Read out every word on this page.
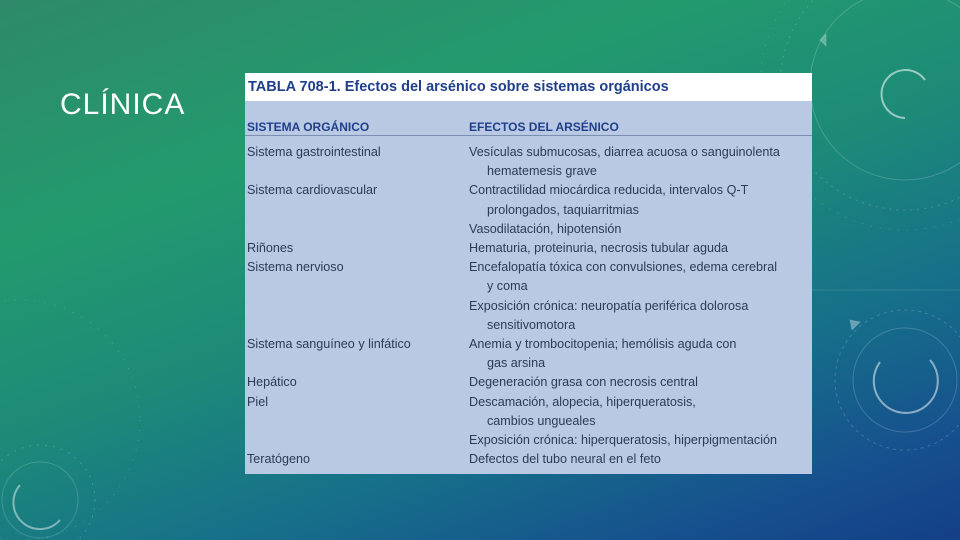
CLÍNICA
TABLA 708-1. Efectos del arsénico sobre sistemas orgánicos
SISTEMA ORGÁNICO	EFECTOS DEL ARSÉNICO
Sistema gastrointestinal	Vesículas submucosas, diarrea acuosa o sanguinolenta
hematemesis grave
Sistema cardiovascular	Contractilidad miocárdica reducida, intervalos Q-T
prolongados, taquiarritmias
Vasodilatación, hipotensión
Riñones	Hematuria, proteinuria, necrosis tubular aguda
Sistema nervioso	Encefalopatía tóxica con convulsiones, edema cerebral
y coma
Exposición crónica: neuropatía periférica dolorosa
sensitivomotora
Sistema sanguíneo y linfático	Anemia y trombocitopenia; hemólisis aguda con
gas arsina
Hepático	Degeneración grasa con necrosis central
Piel	Descamación, alopecia, hiperqueratosis,
cambios ungueales
Exposición crónica: hiperqueratosis, hiperpigmentación
Teratógeno	Defectos del tubo neural en el feto
